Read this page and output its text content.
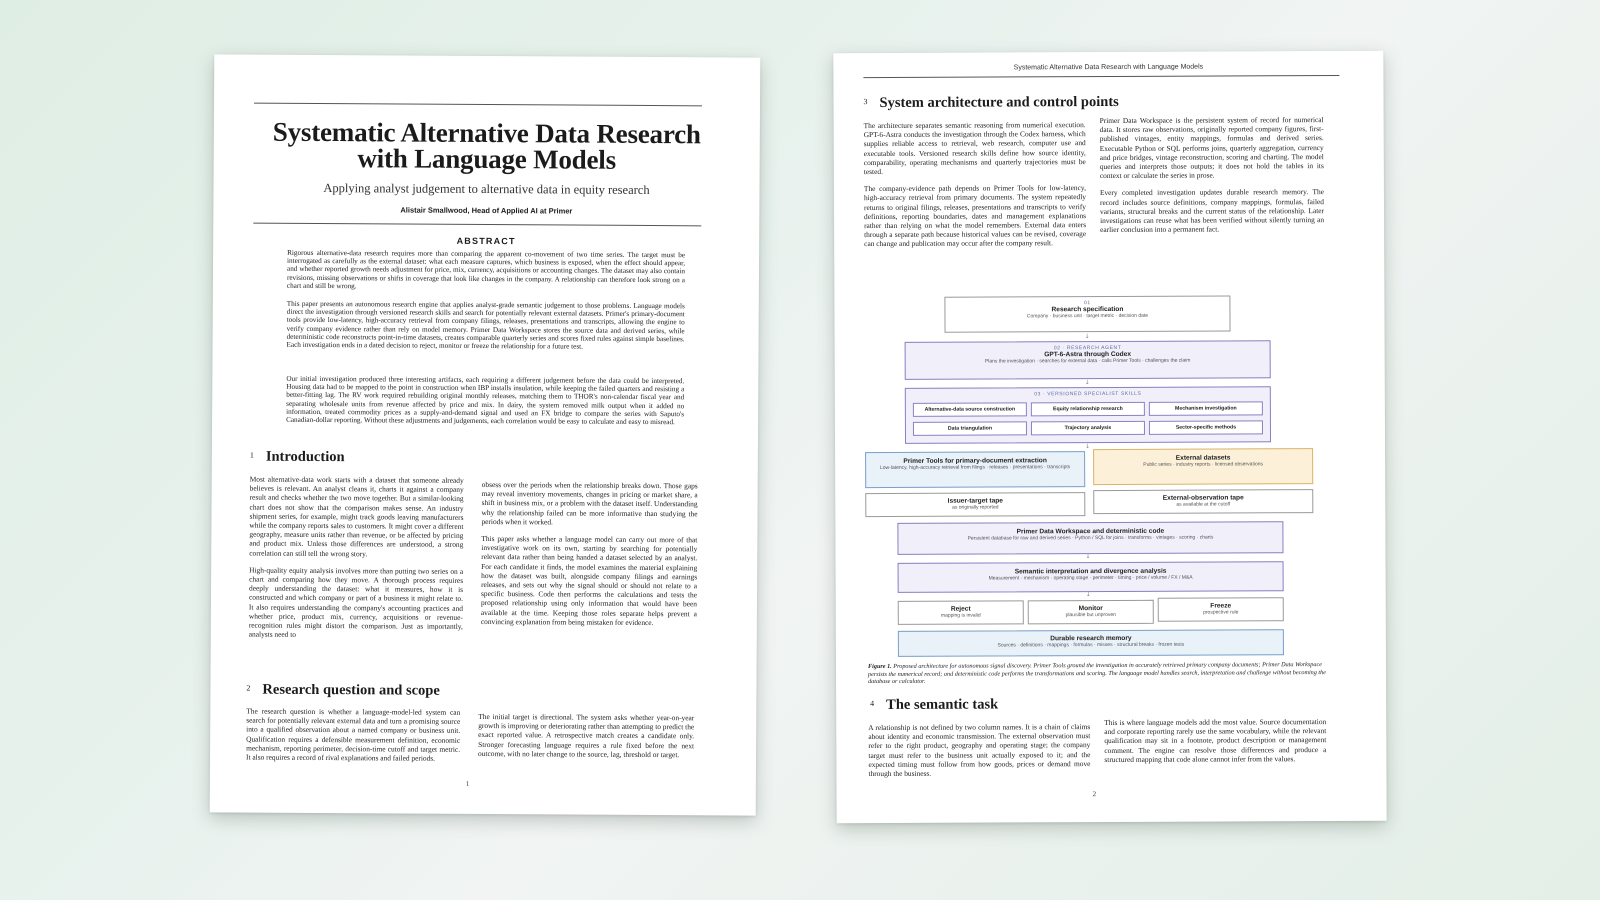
Systematic Alternative Data Research with Language Models
Applying analyst judgement to alternative data in equity research
Alistair Smallwood, Head of Applied AI at Primer
ABSTRACT

Rigorous alternative-data research requires more than comparing the apparent co-movement of two time series. The target must be interrogated as carefully as the external dataset: what each measure captures, which business is exposed, when the effect should appear, and whether reported growth needs adjustment for price, mix, currency, acquisitions or accounting changes. The dataset may also contain revisions, missing observations or shifts in coverage that look like changes in the company. A relationship can therefore look strong on a chart and still be wrong.

This paper presents an autonomous research engine that applies analyst-grade semantic judgement to those problems. Language models direct the investigation through versioned research skills and search for potentially relevant external datasets. Primer's primary-document tools provide low-latency, high-accuracy retrieval from company filings, releases, presentations and transcripts, allowing the engine to verify company evidence rather than rely on model memory. Primer Data Workspace stores the source data and derived series, while deterministic code reconstructs point-in-time datasets, creates comparable quarterly series and scores fixed rules against simple baselines. Each investigation ends in a dated decision to reject, monitor or freeze the relationship for a future test.

Our initial investigation produced three interesting artifacts, each requiring a different judgement before the data could be interpreted. Housing data had to be mapped to the point in construction when IBP installs insulation, while keeping the failed quarters and resisting a better-fitting lag. The RV work required rebuilding original monthly releases, matching them to THOR's non-calendar fiscal year and separating wholesale units from revenue affected by price and mix. In dairy, the system removed milk output when it added no information, treated commodity prices as a supply-and-demand signal and used an FX bridge to compare the series with Saputo's Canadian-dollar reporting. Without these adjustments and judgements, each correlation would be easy to calculate and easy to misread.

$^1$ Introduction

Most alternative-data work starts with a dataset that someone already believes is relevant. An analyst cleans it, charts it against a company result and checks whether the two move together. But a similar-looking chart does not show that the comparison makes sense. An industry shipment series, for example, might track goods leaving manufacturers while the company reports sales to customers. It might cover a different geography, measure units rather than revenue, or be affected by pricing and product mix. Unless those differences are understood, a strong correlation can still tell the wrong story.

High-quality equity analysis involves more than putting two series on a chart and comparing how they move. A thorough process requires deeply understanding the dataset: what it measures, how it is constructed and which company or part of a business it might relate to. It also requires understanding the company's accounting practices and whether price, product mix, currency, acquisitions or revenue-recognition rules might distort the comparison. Just as importantly, analysts need to

obsess over the periods when the relationship breaks down. Those gaps may reveal inventory movements, changes in pricing or market share, a shift in business mix, or a problem with the dataset itself. Understanding why the relationship failed can be more informative than studying the periods when it worked.

This paper asks whether a language model can carry out more of that investigative work on its own, starting by searching for potentially relevant data rather than being handed a dataset selected by an analyst. For each candidate it finds, the model examines the material explaining how the dataset was built, alongside company filings and earnings releases, and sets out why the signal should or should not relate to a specific business. Code then performs the calculations and tests the proposed relationship using only information that would have been available at the time. Keeping those roles separate helps prevent a convincing explanation from being mistaken for evidence.

$^2$ Research question and scope

The research question is whether a language-model-led system can search for potentially relevant external data and turn a promising source into a qualified observation about a named company or business unit. Qualification requires a defensible measurement definition, economic mechanism, reporting perimeter, decision-time cutoff and target metric. It also requires a record of rival explanations and failed periods.

The initial target is directional. The system asks whether year-on-year growth is improving or deteriorating rather than attempting to predict the exact reported value. A retrospective match creates a candidate only. Stronger forecasting language requires a rule fixed before the next outcome, with no later change to the source, lag, threshold or target.

1
Systematic Alternative Data Research with Language Models
$^3$ System architecture and control points

The architecture separates semantic reasoning from numerical execution. GPT-6-Astra conducts the investigation through the Codex harness, which supplies reliable access to retrieval, web research, computer use and executable tools. Versioned research skills define how source identity, comparability, operating mechanisms and quarterly trajectories must be tested.

The company-evidence path depends on Primer Tools for low-latency, high-accuracy retrieval from primary documents. The system repeatedly returns to original filings, releases, presentations and transcripts to verify definitions, reporting boundaries, dates and management explanations rather than relying on what the model remembers. External data enters through a separate path because historical values can be revised, coverage can change and publication may occur after the company result.

Primer Data Workspace is the persistent system of record for numerical data. It stores raw observations, originally reported company figures, first-published vintages, entity mappings, formulas and derived series. Executable Python or SQL performs joins, quarterly aggregation, currency and price bridges, vintage reconstruction, scoring and charting. The model queries and interprets those outputs; it does not hold the tables in its context or calculate the series in prose.

Every completed investigation updates durable research memory. The record includes source definitions, company mappings, formulas, failed variants, structural breaks and the current status of the relationship. Later investigations can reuse what has been verified without silently turning an earlier conclusion into a permanent fact.

01
Research specification
Company · business unit · target metric · decision date
↓
02 · RESEARCH AGENT
GPT-6-Astra through Codex
Plans the investigation · searches for external data · calls Primer Tools · challenges the claim
↓
03 · VERSIONED SPECIALIST SKILLS
Alternative-data source construction	Equity relationship research	Mechanism investigation
Data triangulation	Trajectory analysis	Sector-specific methods
↓
Primer Tools for primary-document extraction
Low-latency, high-accuracy retrieval from filings · releases · presentations · transcripts
External datasets
Public series · industry reports · licensed observations
Issuer-target tape
as originally reported
External-observation tape
as available at the cutoff
Primer Data Workspace and deterministic code
Persistent database for raw and derived series · Python / SQL for joins · transforms · vintages · scoring · charts
↓
Semantic interpretation and divergence analysis
Measurement · mechanism · operating stage · perimeter · timing · price / volume / FX / M&A
↓
Reject
mapping is invalid
Monitor
plausible but unproven
Freeze
prospective rule
Durable research memory
Sources · definitions · mappings · formulas · misses · structural breaks · frozen tests

Figure 1. Proposed architecture for autonomous signal discovery. Primer Tools ground the investigation in accurately retrieved primary company documents; Primer Data Workspace persists the numerical record; and deterministic code performs the transformations and scoring. The language model handles search, interpretation and challenge without becoming the database or calculator.

$^4$ The semantic task

A relationship is not defined by two column names. It is a chain of claims about identity and economic transmission. The external observation must refer to the right product, geography and operating stage; the company target must refer to the business unit actually exposed to it; and the expected timing must follow from how goods, prices or demand move through the business.

This is where language models add the most value. Source documentation and corporate reporting rarely use the same vocabulary, while the relevant qualification may sit in a footnote, product description or management comment. The engine can resolve those differences and produce a structured mapping that code alone cannot infer from the values.

2
